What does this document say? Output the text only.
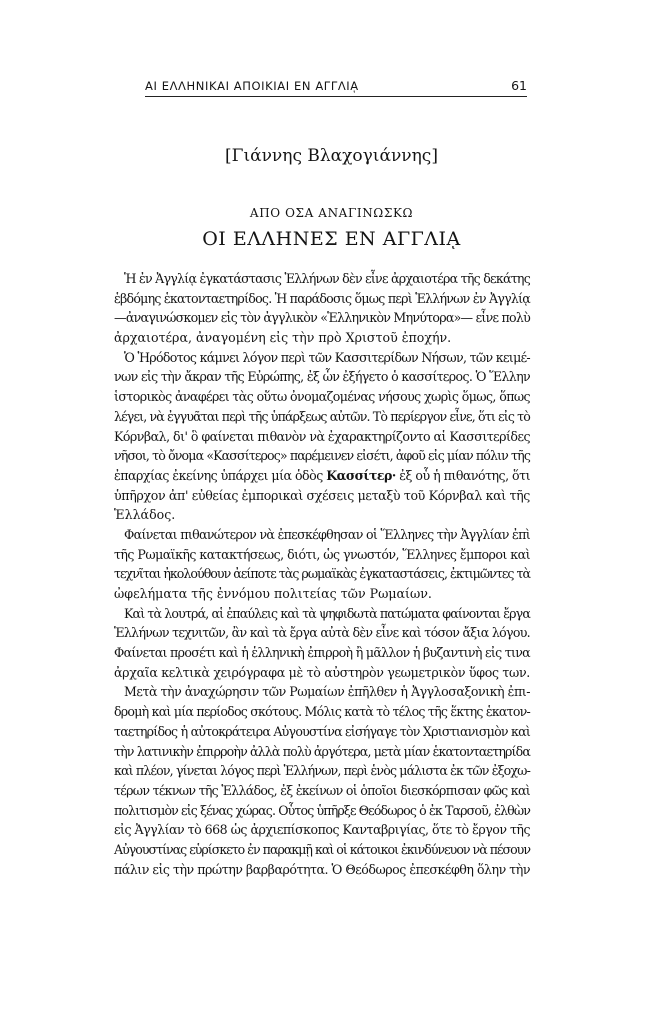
ΑΙ ΕΛΛΗΝΙΚΑΙ ΑΠΟΙΚΙΑΙ ΕΝ ΑΓΓΛΙᾼ	61
[Γιάννης Βλαχογιάννης]
ΑΠΟ ΟΣΑ ΑΝΑΓΙΝΩΣΚΩ
ΟΙ ΕΛΛΗΝΕΣ ΕΝ ΑΓΓΛΙᾼ
Ἡ ἐν Ἀγγλίᾳ ἐγκατάστασις Ἑλλήνων δὲν εἶνε ἀρχαιοτέρα τῆς δεκάτης
ἑβδόμης ἑκατονταετηρίδος. Ἡ παράδοσις ὅμως περὶ Ἑλλήνων ἐν Ἀγγλίᾳ
—ἀναγινώσκομεν εἰς τὸν ἀγγλικὸν «Ἑλληνικὸν Μηνύτορα»— εἶνε πολὺ
ἀρχαιοτέρα, ἀναγομένη εἰς τὴν πρὸ Χριστοῦ ἐποχήν.
Ὁ Ἡρόδοτος κάμνει λόγον περὶ τῶν Κασσιτερίδων Νήσων, τῶν κειμέ-
νων εἰς τὴν ἄκραν τῆς Εὐρώπης, ἐξ ὧν ἐξήγετο ὁ κασσίτερος. Ὁ Ἕλλην
ἱστορικὸς ἀναφέρει τὰς οὕτω ὀνομαζομένας νήσους χωρὶς ὅμως, ὅπως
λέγει, νὰ ἐγγυᾶται περὶ τῆς ὑπάρξεως αὐτῶν. Τὸ περίεργον εἶνε, ὅτι εἰς τὸ
Κόρνβαλ, δι' ὃ φαίνεται πιθανὸν νὰ ἐχαρακτηρίζοντο αἱ Κασσιτερίδες
νῆσοι, τὸ ὄνομα «Κασσίτερος» παρέμεινεν εἰσέτι, ἀφοῦ εἰς μίαν πόλιν τῆς
ἐπαρχίας ἐκείνης ὑπάρχει μία ὁδὸς Κασσίτερ· ἐξ οὗ ἡ πιθανότης, ὅτι
ὑπῆρχον ἀπ' εὐθείας ἐμπορικαὶ σχέσεις μεταξὺ τοῦ Κόρνβαλ καὶ τῆς
Ἑλλάδος.
Φαίνεται πιθανώτερον νὰ ἐπεσκέφθησαν οἱ Ἕλληνες τὴν Ἀγγλίαν ἐπὶ
τῆς Ρωμαϊκῆς κατακτήσεως, διότι, ὡς γνωστόν, Ἕλληνες ἔμποροι καὶ
τεχνῖται ἠκολούθουν ἀείποτε τὰς ρωμαϊκὰς ἐγκαταστάσεις, ἐκτιμῶντες τὰ
ὠφελήματα τῆς ἐννόμου πολιτείας τῶν Ρωμαίων.
Καὶ τὰ λουτρά, αἱ ἐπαύλεις καὶ τὰ ψηφιδωτὰ πατώματα φαίνονται ἔργα
Ἑλλήνων τεχνιτῶν, ἂν καὶ τὰ ἔργα αὐτὰ δὲν εἶνε καὶ τόσον ἄξια λόγου.
Φαίνεται προσέτι καὶ ἡ ἑλληνικὴ ἐπιρροὴ ἢ μᾶλλον ἡ βυζαντινὴ εἰς τινα
ἀρχαῖα κελτικὰ χειρόγραφα μὲ τὸ αὐστηρὸν γεωμετρικὸν ὕφος των.
Μετὰ τὴν ἀναχώρησιν τῶν Ρωμαίων ἐπῆλθεν ἡ Ἀγγλοσαξονικὴ ἐπι-
δρομὴ καὶ μία περίοδος σκότους. Μόλις κατὰ τὸ τέλος τῆς ἕκτης ἑκατον-
ταετηρίδος ἡ αὐτοκράτειρα Αὐγουστίνα εἰσήγαγε τὸν Χριστιανισμὸν καὶ
τὴν λατινικὴν ἐπιρροὴν ἀλλὰ πολὺ ἀργότερα, μετὰ μίαν ἑκατονταετηρίδα
καὶ πλέον, γίνεται λόγος περὶ Ἑλλήνων, περὶ ἑνὸς μάλιστα ἐκ τῶν ἐξοχω-
τέρων τέκνων τῆς Ἑλλάδος, ἐξ ἐκείνων οἱ ὁποῖοι διεσκόρπισαν φῶς καὶ
πολιτισμὸν εἰς ξένας χώρας. Οὗτος ὑπῆρξε Θεόδωρος ὁ ἐκ Ταρσοῦ, ἐλθὼν
εἰς Ἀγγλίαν τὸ 668 ὡς ἀρχιεπίσκοπος Κανταβριγίας, ὅτε τὸ ἔργον τῆς
Αὐγουστίνας εὑρίσκετο ἐν παρακμῇ καὶ οἱ κάτοικοι ἐκινδύνευον νὰ πέσουν
πάλιν εἰς τὴν πρώτην βαρβαρότητα. Ὁ Θεόδωρος ἐπεσκέφθη ὅλην τὴν
